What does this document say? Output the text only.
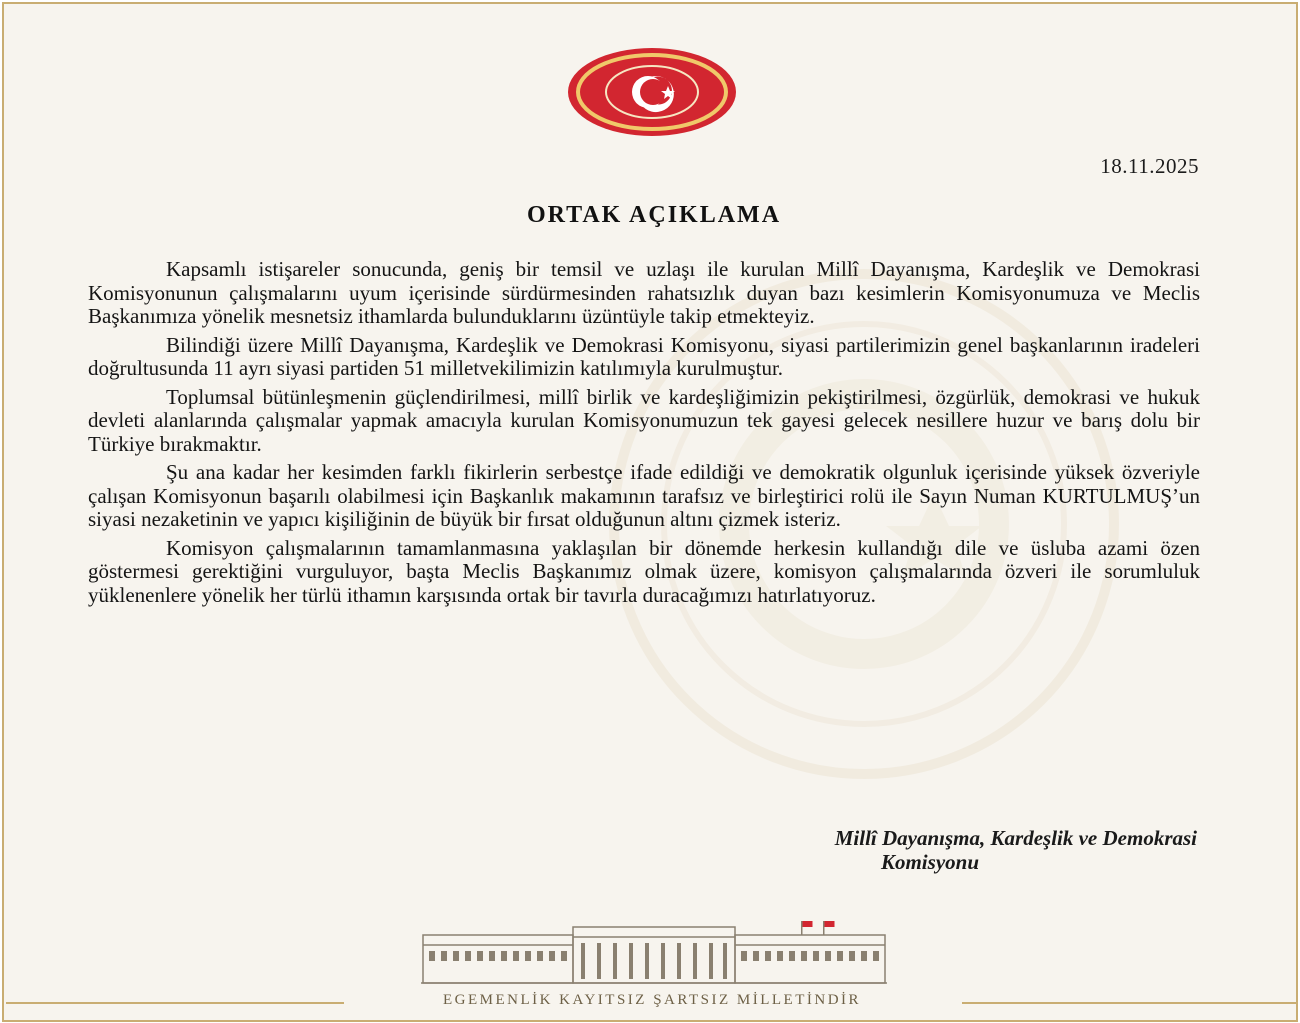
18.11.2025
ORTAK AÇIKLAMA

Kapsamlı istişareler sonucunda, geniş bir temsil ve uzlaşı ile kurulan Millî Dayanışma, Kardeşlik ve Demokrasi Komisyonunun çalışmalarını uyum içerisinde sürdürmesinden rahatsızlık duyan bazı kesimlerin Komisyonumuza ve Meclis Başkanımıza yönelik mesnetsiz ithamlarda bulunduklarını üzüntüyle takip etmekteyiz.

Bilindiği üzere Millî Dayanışma, Kardeşlik ve Demokrasi Komisyonu, siyasi partilerimizin genel başkanlarının iradeleri doğrultusunda 11 ayrı siyasi partiden 51 milletvekilimizin katılımıyla kurulmuştur.

Toplumsal bütünleşmenin güçlendirilmesi, millî birlik ve kardeşliğimizin pekiştirilmesi, özgürlük, demokrasi ve hukuk devleti alanlarında çalışmalar yapmak amacıyla kurulan Komisyonumuzun tek gayesi gelecek nesillere huzur ve barış dolu bir Türkiye bırakmaktır.

Şu ana kadar her kesimden farklı fikirlerin serbestçe ifade edildiği ve demokratik olgunluk içerisinde yüksek özveriyle çalışan Komisyonun başarılı olabilmesi için Başkanlık makamının tarafsız ve birleştirici rolü ile Sayın Numan KURTULMUŞ’un siyasi nezaketinin ve yapıcı kişiliğinin de büyük bir fırsat olduğunun altını çizmek isteriz.

Komisyon çalışmalarının tamamlanmasına yaklaşılan bir dönemde herkesin kullandığı dile ve üsluba azami özen göstermesi gerektiğini vurguluyor, başta Meclis Başkanımız olmak üzere, komisyon çalışmalarında özveri ile sorumluluk yüklenenlere yönelik her türlü ithamın karşısında ortak bir tavırla duracağımızı hatırlatıyoruz.

Millî Dayanışma, Kardeşlik ve Demokrasi
Komisyonu
EGEMENLİK KAYITSIZ ŞARTSIZ MİLLETİNDİR
